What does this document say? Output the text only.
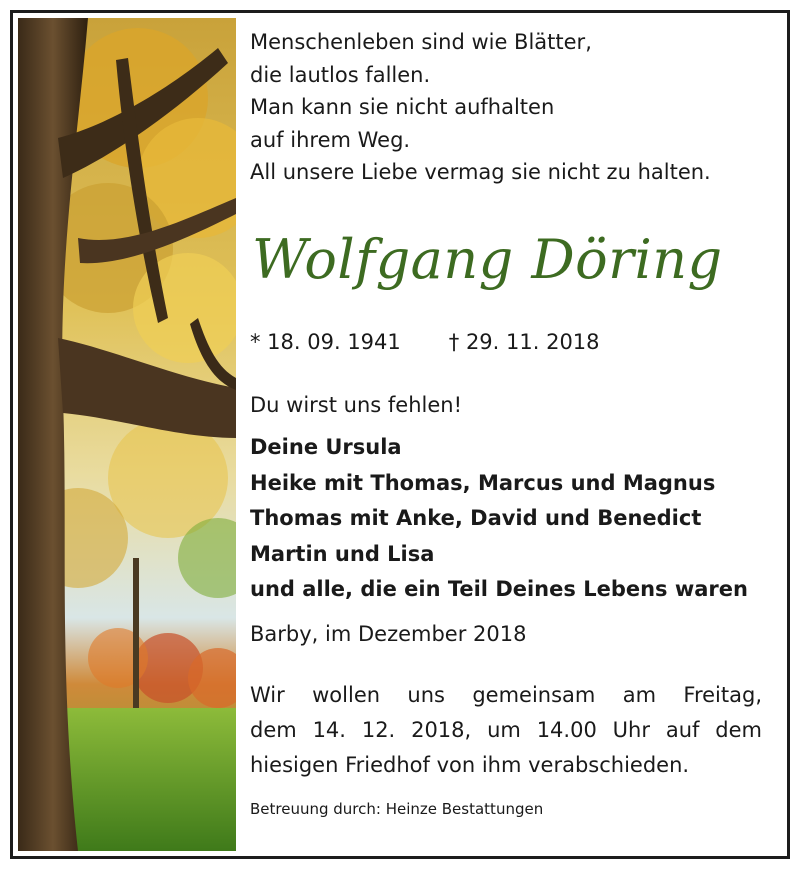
Menschenleben sind wie Blätter,
die lautlos fallen.
Man kann sie nicht aufhalten
auf ihrem Weg.
All unsere Liebe vermag sie nicht zu halten.
Wolfgang Döring
* 18. 09. 1941 † 29. 11. 2018
Du wirst uns fehlen!
Deine Ursula
Heike mit Thomas, Marcus und Magnus
Thomas mit Anke, David und Benedict
Martin und Lisa
und alle, die ein Teil Deines Lebens waren
Barby, im Dezember 2018
Wir wollen uns gemeinsam am Freitag,
dem 14. 12. 2018, um 14.00 Uhr auf dem
hiesigen Friedhof von ihm verabschieden.
Betreuung durch: Heinze Bestattungen
